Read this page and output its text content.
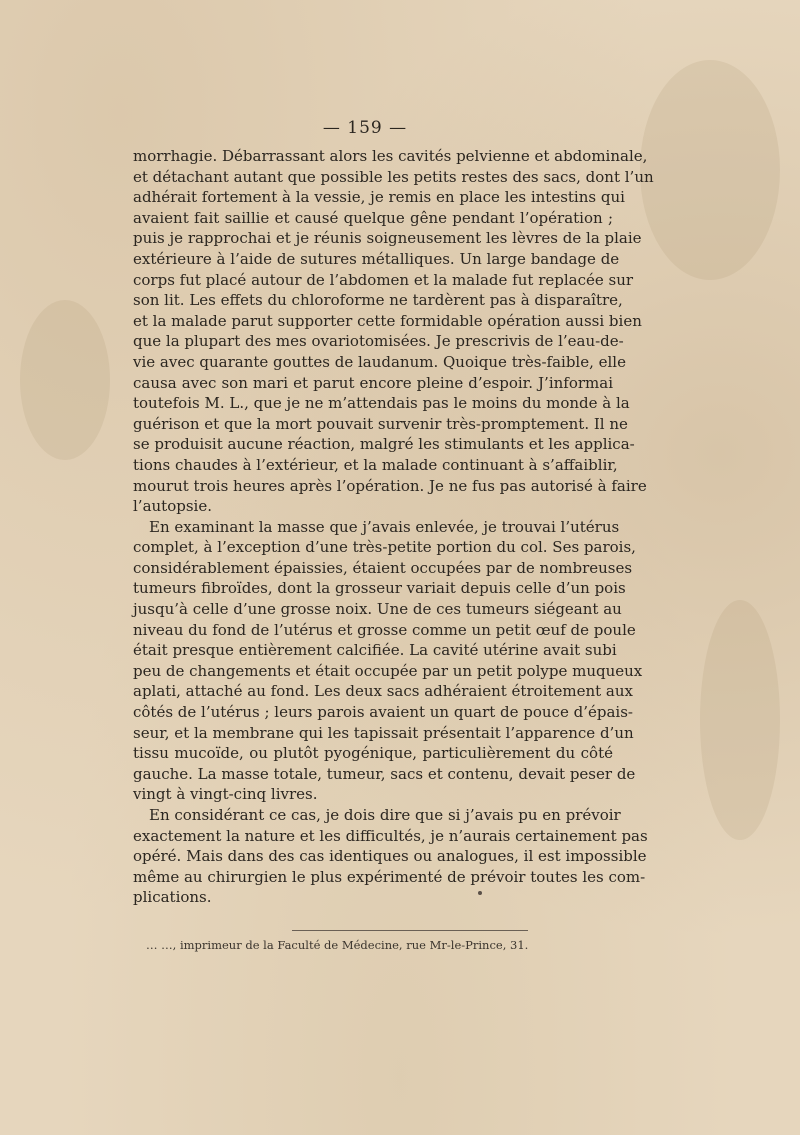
— 159 —
morrhagie. Débarrassant alors les cavités pelvienne et abdominale,
et détachant autant que possible les petits restes des sacs, dont l’un
adhérait fortement à la vessie, je remis en place les intestins qui
avaient fait saillie et causé quelque gêne pendant l’opération ;
puis je rapprochai et je réunis soigneusement les lèvres de la plaie
extérieure à l’aide de sutures métalliques. Un large bandage de
corps fut placé autour de l’abdomen et la malade fut replacée sur
son lit. Les effets du chloroforme ne tardèrent pas à disparaître,
et la malade parut supporter cette formidable opération aussi bien
que la plupart des mes ovariotomisées. Je prescrivis de l’eau-de-
vie avec quarante gouttes de laudanum. Quoique très-faible, elle
causa avec son mari et parut encore pleine d’espoir. J’informai
toutefois M. L., que je ne m’attendais pas le moins du monde à la
guérison et que la mort pouvait survenir très-promptement. Il ne
se produisit aucune réaction, malgré les stimulants et les applica-
tions chaudes à l’extérieur, et la malade continuant à s’affaiblir,
mourut trois heures après l’opération. Je ne fus pas autorisé à faire
l’autopsie.
En examinant la masse que j’avais enlevée, je trouvai l’utérus
complet, à l’exception d’une très-petite portion du col. Ses parois,
considérablement épaissies, étaient occupées par de nombreuses
tumeurs fibroïdes, dont la grosseur variait depuis celle d’un pois
jusqu’à celle d’une grosse noix. Une de ces tumeurs siégeant au
niveau du fond de l’utérus et grosse comme un petit œuf de poule
était presque entièrement calcifiée. La cavité utérine avait subi
peu de changements et était occupée par un petit polype muqueux
aplati, attaché au fond. Les deux sacs adhéraient étroitement aux
côtés de l’utérus ; leurs parois avaient un quart de pouce d’épais-
seur, et la membrane qui les tapissait présentait l’apparence d’un
tissu mucoïde, ou plutôt pyogénique, particulièrement du côté
gauche. La masse totale, tumeur, sacs et contenu, devait peser de
vingt à vingt-cinq livres.
En considérant ce cas, je dois dire que si j’avais pu en prévoir
exactement la nature et les difficultés, je n’aurais certainement pas
opéré. Mais dans des cas identiques ou analogues, il est impossible
même au chirurgien le plus expérimenté de prévoir toutes les com-
plications.
… …, imprimeur de la Faculté de Médecine, rue Mr-le-Prince, 31.
